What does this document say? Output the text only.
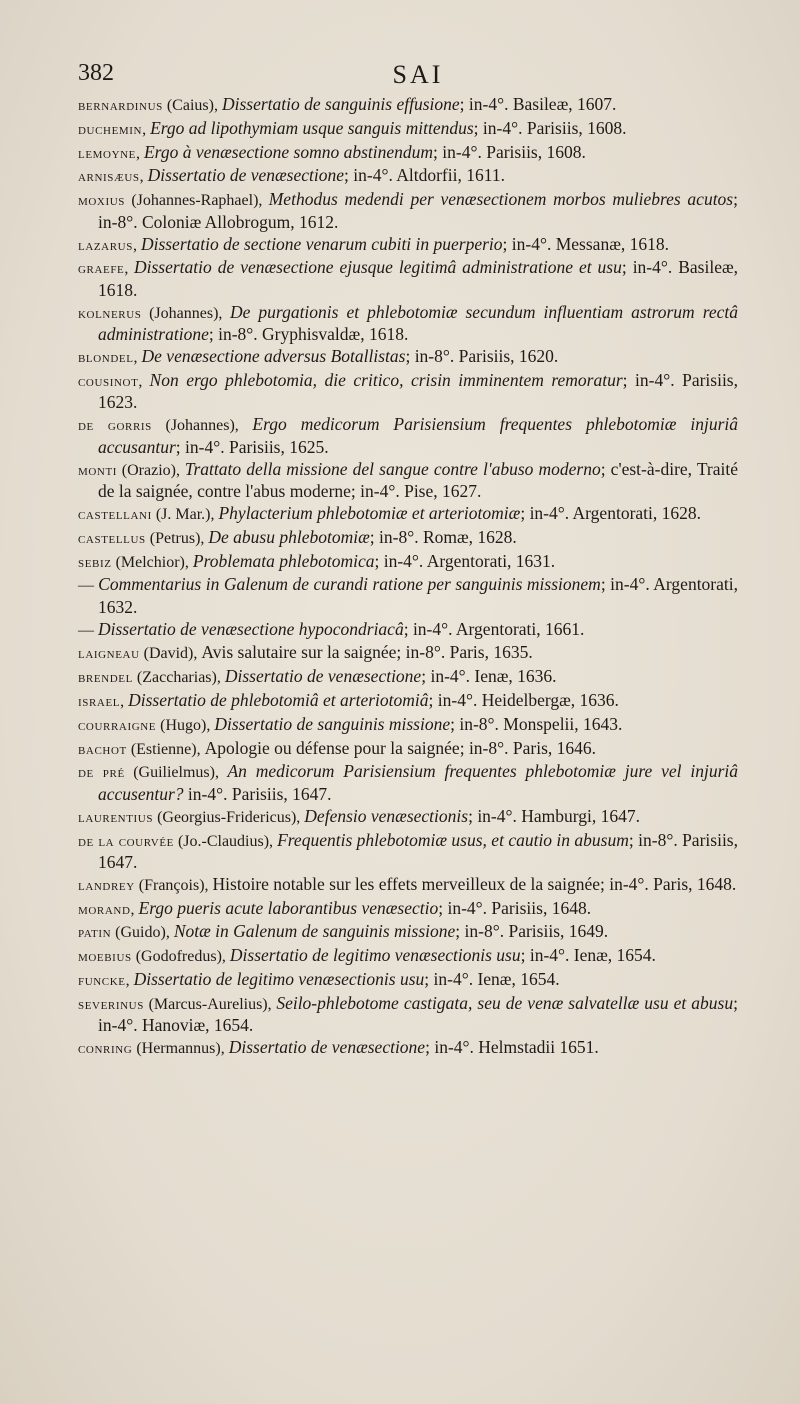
382	SAI

bernardinus (Caius), Dissertatio de sanguinis effusione; in-4°. Basileæ, 1607.

duchemin, Ergo ad lipothymiam usque sanguis mittendus; in-4°. Parisiis, 1608.

lemoyne, Ergo à venæsectione somno abstinendum; in-4°. Parisiis, 1608.

arnisæus, Dissertatio de venæsectione; in-4°. Altdorfii, 1611.

moxius (Johannes-Raphael), Methodus medendi per venæsectionem morbos muliebres acutos; in-8°. Coloniæ Allobrogum, 1612.

lazarus, Dissertatio de sectione venarum cubiti in puerperio; in-4°. Messanæ, 1618.

graefe, Dissertatio de venæsectione ejusque legitimâ administratione et usu; in-4°. Basileæ, 1618.

kolnerus (Johannes), De purgationis et phlebotomiæ secundum influentiam astrorum rectâ administratione; in-8°. Gryphisvaldæ, 1618.

blondel, De venæsectione adversus Botallistas; in-8°. Parisiis, 1620.

cousinot, Non ergo phlebotomia, die critico, crisin imminentem remoratur; in-4°. Parisiis, 1623.

de gorris (Johannes), Ergo medicorum Parisiensium frequentes phlebotomiæ injuriâ accusantur; in-4°. Parisiis, 1625.

monti (Orazio), Trattato della missione del sangue contre l'abuso moderno; c'est-à-dire, Traité de la saignée, contre l'abus moderne; in-4°. Pise, 1627.

castellani (J. Mar.), Phylacterium phlebotomiæ et arteriotomiæ; in-4°. Argentorati, 1628.

castellus (Petrus), De abusu phlebotomiæ; in-8°. Romæ, 1628.

sebiz (Melchior), Problemata phlebotomica; in-4°. Argentorati, 1631.

— Commentarius in Galenum de curandi ratione per sanguinis missionem; in-4°. Argentorati, 1632.

— Dissertatio de venæsectione hypocondriacâ; in-4°. Argentorati, 1661.

laigneau (David), Avis salutaire sur la saignée; in-8°. Paris, 1635.

brendel (Zaccharias), Dissertatio de venæsectione; in-4°. Ienæ, 1636.

israel, Dissertatio de phlebotomiâ et arteriotomiâ; in-4°. Heidelbergæ, 1636.

courraigne (Hugo), Dissertatio de sanguinis missione; in-8°. Monspelii, 1643.

bachot (Estienne), Apologie ou défense pour la saignée; in-8°. Paris, 1646.

de pré (Guilielmus), An medicorum Parisiensium frequentes phlebotomiæ jure vel injuriâ accusentur? in-4°. Parisiis, 1647.

laurentius (Georgius-Fridericus), Defensio venæsectionis; in-4°. Hamburgi, 1647.

de la courvée (Jo.-Claudius), Frequentis phlebotomiæ usus, et cautio in abusum; in-8°. Parisiis, 1647.

landrey (François), Histoire notable sur les effets merveilleux de la saignée; in-4°. Paris, 1648.

morand, Ergo pueris acute laborantibus venæsectio; in-4°. Parisiis, 1648.

patin (Guido), Notæ in Galenum de sanguinis missione; in-8°. Parisiis, 1649.

moebius (Godofredus), Dissertatio de legitimo venæsectionis usu; in-4°. Ienæ, 1654.

funcke, Dissertatio de legitimo venæsectionis usu; in-4°. Ienæ, 1654.

severinus (Marcus-Aurelius), Seilo-phlebotome castigata, seu de venæ salvatellæ usu et abusu; in-4°. Hanoviæ, 1654.

conring (Hermannus), Dissertatio de venæsectione; in-4°. Helmstadii 1651.
